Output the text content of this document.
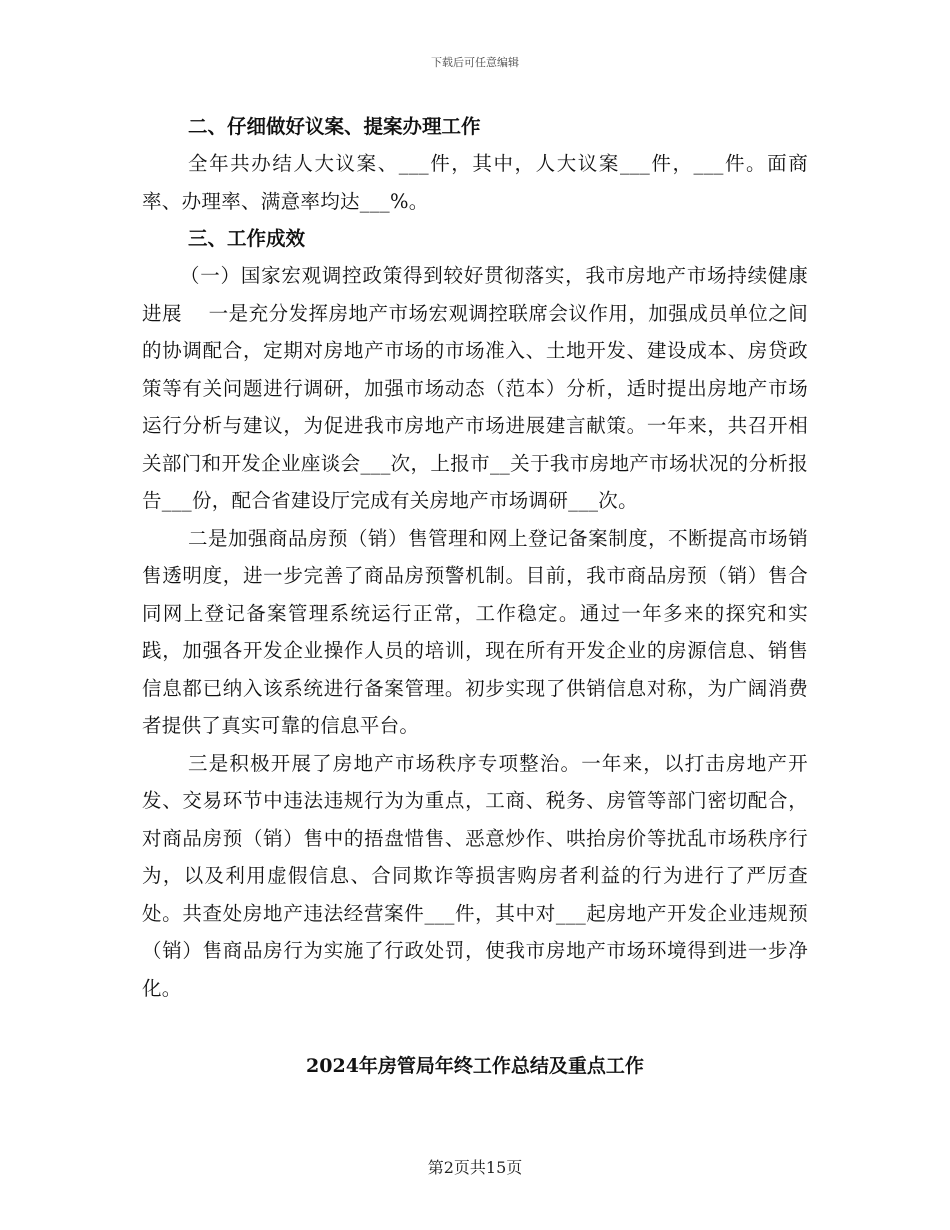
下载后可任意编辑

二、仔细做好议案、提案办理工作

全年共办结人大议案、___件，其中，人大议案___件，___件。面商率、办理率、满意率均达___%。

三、工作成效

（一）国家宏观调控政策得到较好贯彻落实，我市房地产市场持续健康进展　 一是充分发挥房地产市场宏观调控联席会议作用，加强成员单位之间的协调配合，定期对房地产市场的市场准入、土地开发、建设成本、房贷政策等有关问题进行调研，加强市场动态（范本）分析，适时提出房地产市场运行分析与建议，为促进我市房地产市场进展建言献策。一年来，共召开相关部门和开发企业座谈会___次，上报市__关于我市房地产市场状况的分析报告___份，配合省建设厅完成有关房地产市场调研___次。

二是加强商品房预（销）售管理和网上登记备案制度，不断提高市场销售透明度，进一步完善了商品房预警机制。目前，我市商品房预（销）售合同网上登记备案管理系统运行正常，工作稳定。通过一年多来的探究和实践，加强各开发企业操作人员的培训，现在所有开发企业的房源信息、销售信息都已纳入该系统进行备案管理。初步实现了供销信息对称，为广阔消费者提供了真实可靠的信息平台。

三是积极开展了房地产市场秩序专项整治。一年来，以打击房地产开发、交易环节中违法违规行为为重点，工商、税务、房管等部门密切配合，对商品房预（销）售中的捂盘惜售、恶意炒作、哄抬房价等扰乱市场秩序行为，以及利用虚假信息、合同欺诈等损害购房者利益的行为进行了严厉查处。共查处房地产违法经营案件___件，其中对___起房地产开发企业违规预（销）售商品房行为实施了行政处罚，使我市房地产市场环境得到进一步净化。

2024年房管局年终工作总结及重点工作
第2页共15页
